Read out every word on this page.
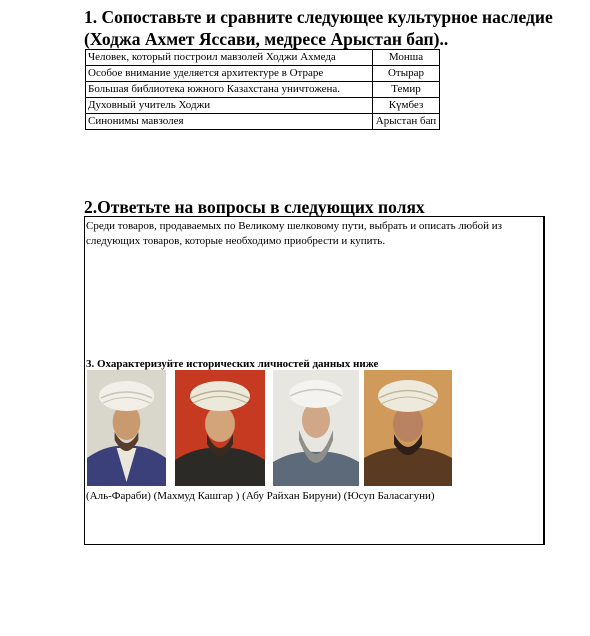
1. Сопоставьте и сравните следующее культурное наследие (Ходжа Ахмет Яссави, медресе Арыстан бап)..
Человек, который построил мавзолей Ходжи Ахмеда	Монша
Особое внимание уделяется архитектуре в Отраре	Отырар
Большая библиотека южного Казахстана уничтожена.	Темир
Духовный учитель Ходжи	Күмбез
Синонимы мавзолея	Арыстан бап
2.Ответьте на вопросы в следующих полях
Среди товаров, продаваемых по Великому шелковому пути, выбрать и описать любой из следующих товаров, которые необходимо приобрести и купить.
3. Охарактеризуйте исторических личностей данных ниже
(Аль-Фараби) (Махмуд Кашгар ) (Абу Райхан Бируни) (Юсуп Баласагуни)
